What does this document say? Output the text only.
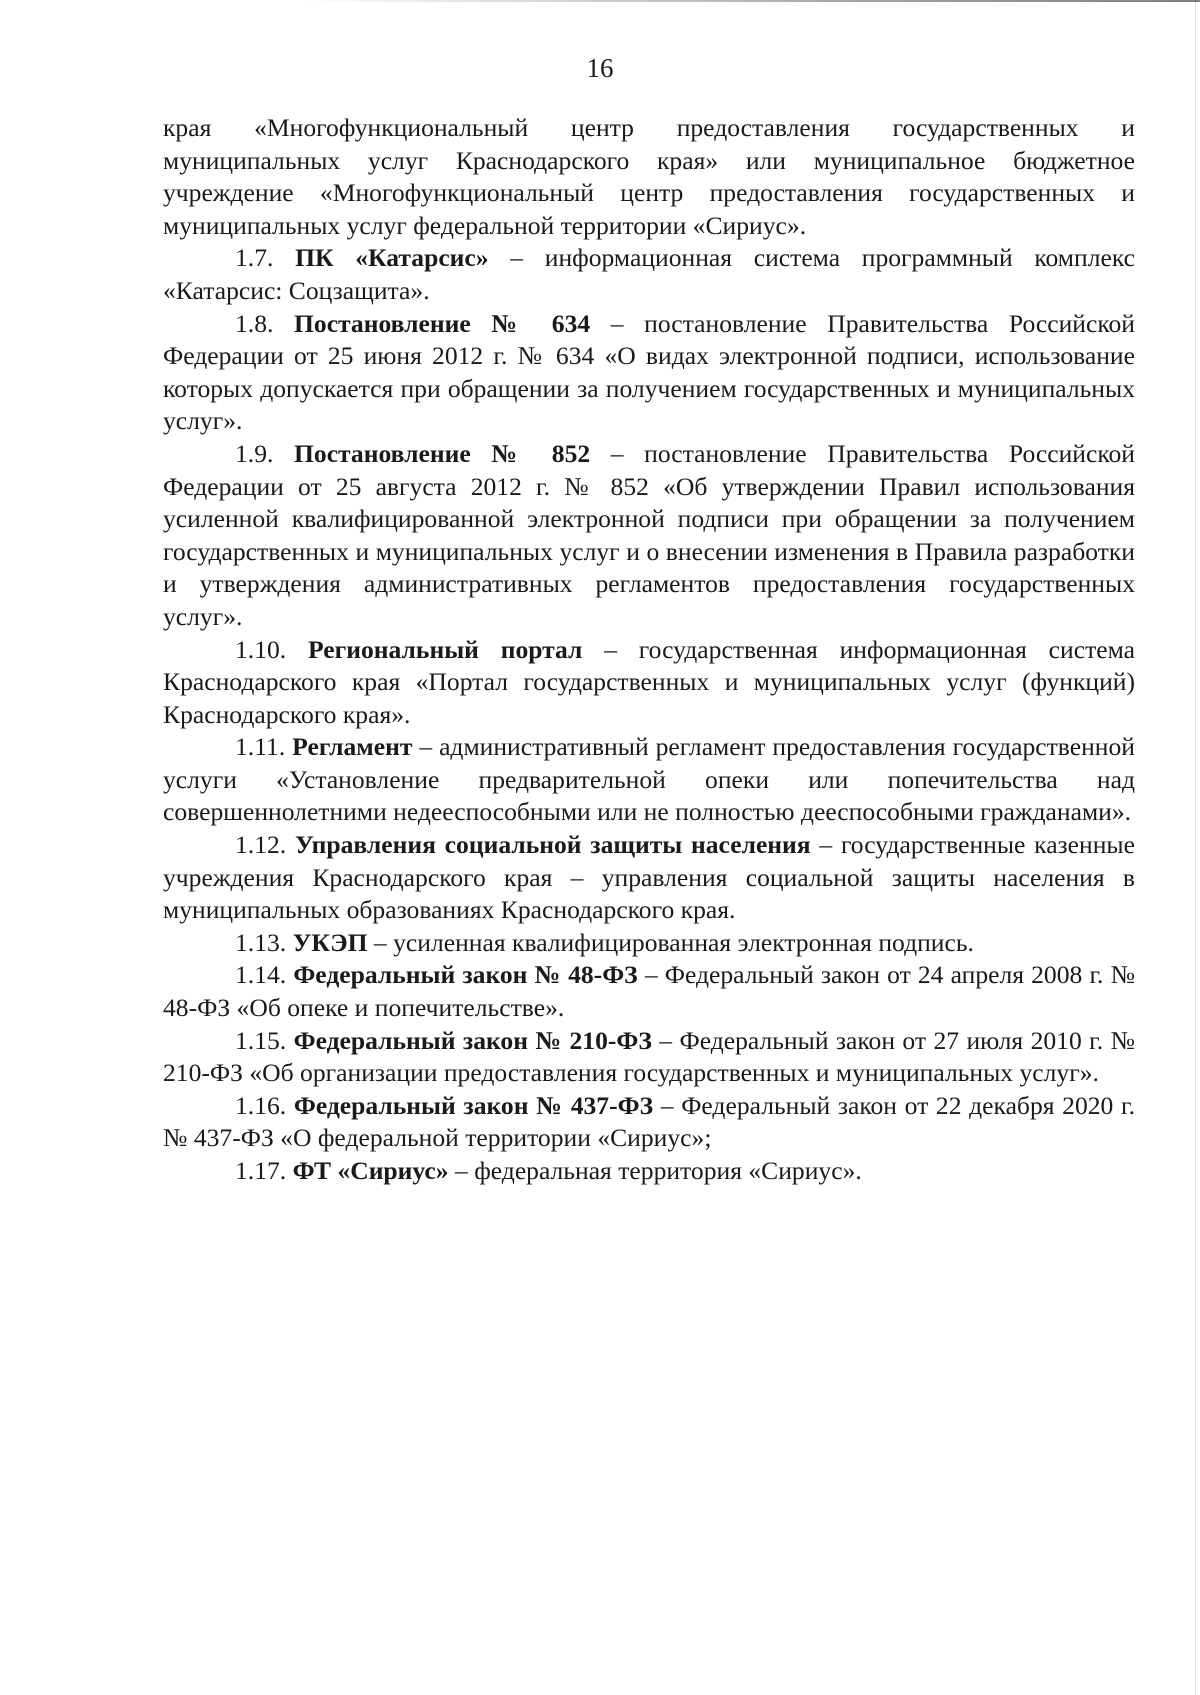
16

края «Многофункциональный центр предоставления государственных и муниципальных услуг Краснодарского края» или муниципальное бюджетное учреждение «Многофункциональный центр предоставления государственных и муниципальных услуг федеральной территории «Сириус».

1.7. ПК «Катарсис» – информационная система программный комплекс «Катарсис: Соцзащита».

1.8. Постановление № 634 – постановление Правительства Российской Федерации от 25 июня 2012 г. № 634 «О видах электронной подписи, использование которых допускается при обращении за получением государственных и муниципальных услуг».

1.9. Постановление № 852 – постановление Правительства Российской Федерации от 25 августа 2012 г. № 852 «Об утверждении Правил использования усиленной квалифицированной электронной подписи при обращении за получением государственных и муниципальных услуг и о внесении изменения в Правила разработки и утверждения административных регламентов предоставления государственных услуг».

1.10. Региональный портал – государственная информационная система Краснодарского края «Портал государственных и муниципальных услуг (функций) Краснодарского края».

1.11. Регламент – административный регламент предоставления государственной услуги «Установление предварительной опеки или попечительства над совершеннолетними недееспособными или не полностью дееспособными гражданами».

1.12. Управления социальной защиты населения – государственные казенные учреждения Краснодарского края – управления социальной защиты населения в муниципальных образованиях Краснодарского края.

1.13. УКЭП – усиленная квалифицированная электронная подпись.

1.14. Федеральный закон № 48-ФЗ – Федеральный закон от 24 апреля 2008 г. № 48-ФЗ «Об опеке и попечительстве».

1.15. Федеральный закон № 210-ФЗ – Федеральный закон от 27 июля 2010 г. № 210-ФЗ «Об организации предоставления государственных и муниципальных услуг».

1.16. Федеральный закон № 437-ФЗ – Федеральный закон от 22 декабря 2020 г. № 437-ФЗ «О федеральной территории «Сириус»;

1.17. ФТ «Сириус» – федеральная территория «Сириус».
